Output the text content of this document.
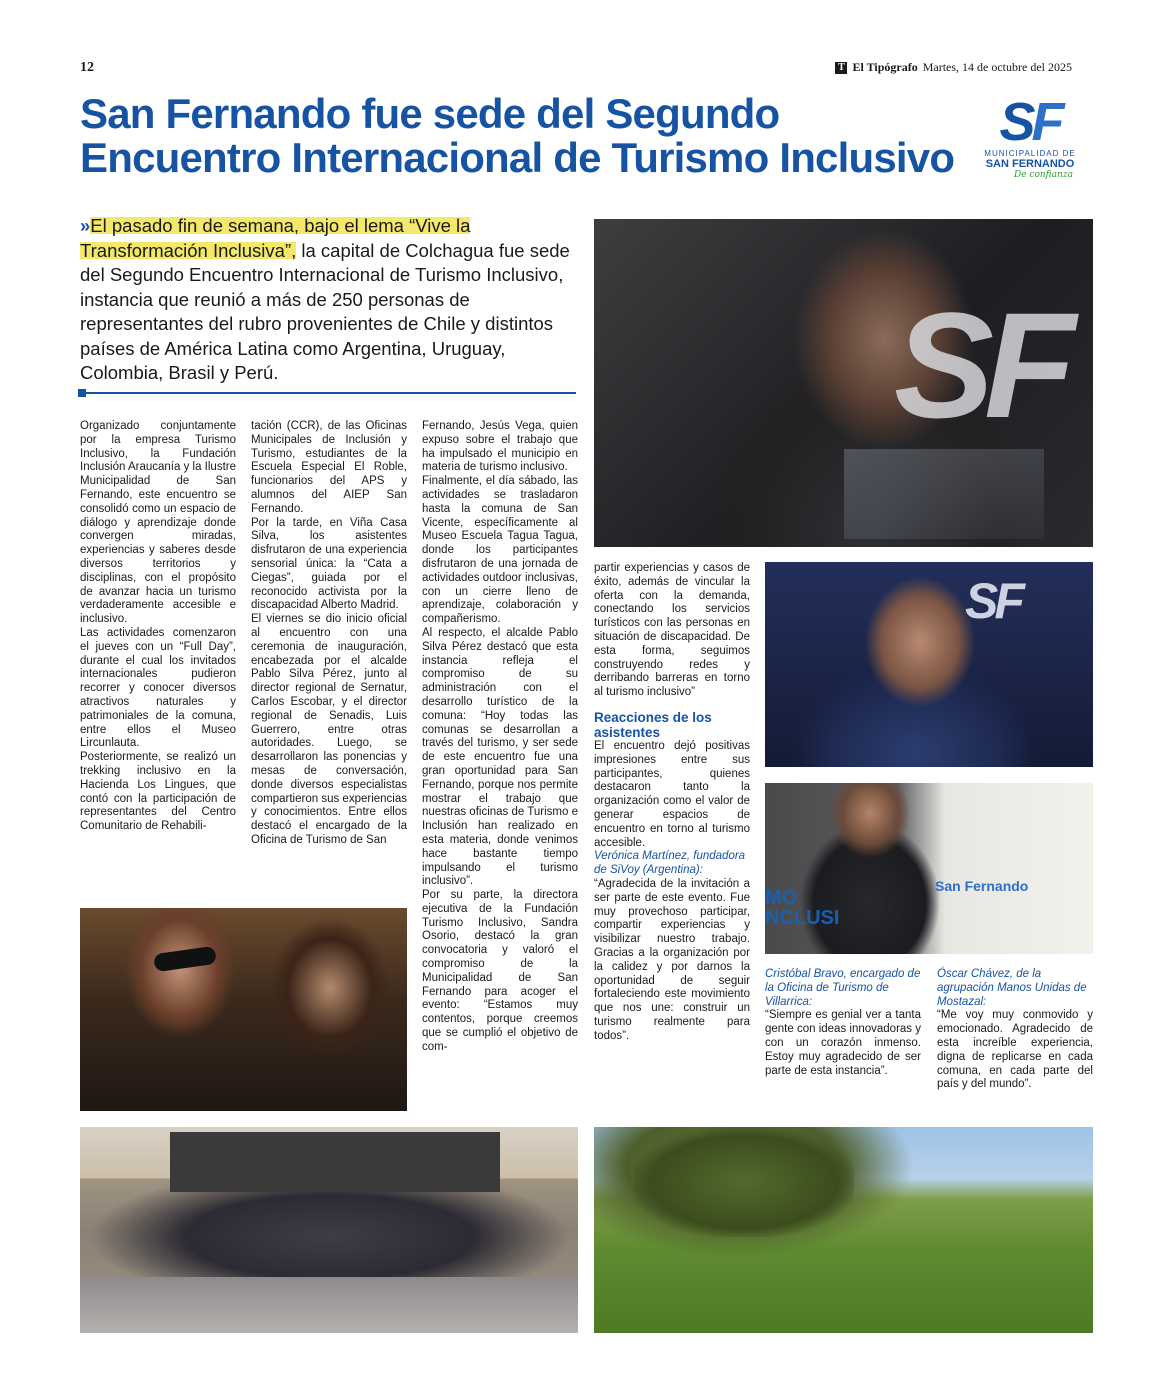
12	T El Tipógrafo Martes, 14 de octubre del 2025
San Fernando fue sede del Segundo
Encuentro Internacional de Turismo Inclusivo
SF
MUNICIPALIDAD DE
SAN FERNANDO
De confianza

»El pasado fin de semana, bajo el lema “Vive la Transformación Inclusiva”, la capital de Colchagua fue sede del Segundo Encuentro Internacional de Turismo Inclusivo, instancia que reunió a más de 250 personas de representantes del rubro provenientes de Chile y distintos países de América Latina como Argentina, Uruguay, Colombia, Brasil y Perú.

Organizado conjuntamente por la empresa Turismo Inclusivo, la Fundación Inclusión Araucanía y la Ilustre Municipalidad de San Fernando, este encuentro se consolidó como un espacio de diálogo y aprendizaje donde convergen miradas, experiencias y saberes desde diversos territorios y disciplinas, con el propósito de avanzar hacia un turismo verdaderamente accesible e inclusivo.

Las actividades comenzaron el jueves con un “Full Day”, durante el cual los invitados internacionales pudieron recorrer y conocer diversos atractivos naturales y patrimoniales de la comuna, entre ellos el Museo Lircunlauta.

Posteriormente, se realizó un trekking inclusivo en la Hacienda Los Lingues, que contó con la participación de representantes del Centro Comunitario de Rehabili-

tación (CCR), de las Oficinas Municipales de Inclusión y Turismo, estudiantes de la Escuela Especial El Roble, funcionarios del APS y alumnos del AIEP San Fernando.

Por la tarde, en Viña Casa Silva, los asistentes disfrutaron de una experiencia sensorial única: la “Cata a Ciegas”, guiada por el reconocido activista por la discapacidad Alberto Madrid.

El viernes se dio inicio oficial al encuentro con una ceremonia de inauguración, encabezada por el alcalde Pablo Silva Pérez, junto al director regional de Sernatur, Carlos Escobar, y el director regional de Senadis, Luis Guerrero, entre otras autoridades. Luego, se desarrollaron las ponencias y mesas de conversación, donde diversos especialistas compartieron sus experiencias y conocimientos. Entre ellos destacó el encargado de la Oficina de Turismo de San

Fernando, Jesús Vega, quien expuso sobre el trabajo que ha impulsado el municipio en materia de turismo inclusivo.

Finalmente, el día sábado, las actividades se trasladaron hasta la comuna de San Vicente, específicamente al Museo Escuela Tagua Tagua, donde los participantes disfrutaron de una jornada de actividades outdoor inclusivas, con un cierre lleno de aprendizaje, colaboración y compañerismo.

Al respecto, el alcalde Pablo Silva Pérez destacó que esta instancia refleja el compromiso de su administración con el desarrollo turístico de la comuna: “Hoy todas las comunas se desarrollan a través del turismo, y ser sede de este encuentro fue una gran oportunidad para San Fernando, porque nos permite mostrar el trabajo que nuestras oficinas de Turismo e Inclusión han realizado en esta materia, donde venimos hace bastante tiempo impulsando el turismo inclusivo”.

Por su parte, la directora ejecutiva de la Fundación Turismo Inclusivo, Sandra Osorio, destacó la gran convocatoria y valoró el compromiso de la Municipalidad de San Fernando para acoger el evento: “Estamos muy contentos, porque creemos que se cumplió el objetivo de com-

partir experiencias y casos de éxito, además de vincular la oferta con la demanda, conectando los servicios turísticos con las personas en situación de discapacidad. De esta forma, seguimos construyendo redes y derribando barreras en torno al turismo inclusivo”

Reacciones de los asistentes

El encuentro dejó positivas impresiones entre sus participantes, quienes destacaron tanto la organización como el valor de generar espacios de encuentro en torno al turismo accesible.

Verónica Martínez, fundadora de SiVoy (Argentina):

“Agradecida de la invitación a ser parte de este evento. Fue muy provechoso participar, compartir experiencias y visibilizar nuestro trabajo. Gracias a la organización por la calidez y por darnos la oportunidad de seguir fortaleciendo este movimiento que nos une: construir un turismo realmente para todos”.

Cristóbal Bravo, encargado de la Oficina de Turismo de Villarrica:

“Siempre es genial ver a tanta gente con ideas innovadoras y con un corazón inmenso. Estoy muy agradecido de ser parte de esta instancia”.

Óscar Chávez, de la agrupación Manos Unidas de Mostazal:

“Me voy muy conmovido y emocionado. Agradecido de esta increíble experiencia, digna de replicarse en cada comuna, en cada parte del país y del mundo”.

SF
SF
MO
NCLUSI
San Fernando
